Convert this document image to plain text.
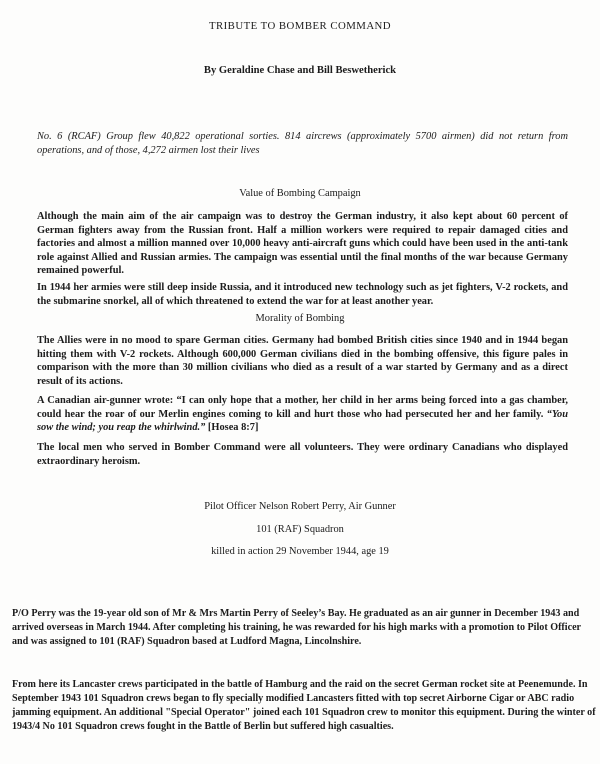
TRIBUTE TO BOMBER COMMAND
By Geraldine Chase and Bill Beswetherick
No. 6 (RCAF) Group flew 40,822 operational sorties. 814 aircrews (approximately 5700 airmen) did not return from operations, and of those, 4,272 airmen lost their lives
Value of Bombing Campaign
Although the main aim of the air campaign was to destroy the German industry, it also kept about 60 percent of German fighters away from the Russian front. Half a million workers were required to repair damaged cities and factories and almost a million manned over 10,000 heavy anti-aircraft guns which could have been used in the anti-tank role against Allied and Russian armies. The campaign was essential until the final months of the war because Germany remained powerful.
In 1944 her armies were still deep inside Russia, and it introduced new technology such as jet fighters, V-2 rockets, and the submarine snorkel, all of which threatened to extend the war for at least another year.
Morality of Bombing
The Allies were in no mood to spare German cities. Germany had bombed British cities since 1940 and in 1944 began hitting them with V-2 rockets. Although 600,000 German civilians died in the bombing offensive, this figure pales in comparison with the more than 30 million civilians who died as a result of a war started by Germany and as a direct result of its actions.
A Canadian air-gunner wrote: “I can only hope that a mother, her child in her arms being forced into a gas chamber, could hear the roar of our Merlin engines coming to kill and hurt those who had persecuted her and her family. “You sow the wind; you reap the whirlwind.” [Hosea 8:7]
The local men who served in Bomber Command were all volunteers. They were ordinary Canadians who displayed extraordinary heroism.
Pilot Officer Nelson Robert Perry, Air Gunner
101 (RAF) Squadron
killed in action 29 November 1944, age 19
P/O Perry was the 19-year old son of Mr & Mrs Martin Perry of Seeley’s Bay. He graduated as an air gunner in December 1943 and arrived overseas in March 1944. After completing his training, he was rewarded for his high marks with a promotion to Pilot Officer and was assigned to 101 (RAF) Squadron based at Ludford Magna, Lincolnshire.
From here its Lancaster crews participated in the battle of Hamburg and the raid on the secret German rocket site at Peenemunde. In September 1943 101 Squadron crews began to fly specially modified Lancasters fitted with top secret Airborne Cigar or ABC radio jamming equipment. An additional "Special Operator" joined each 101 Squadron crew to monitor this equipment. During the winter of 1943/4 No 101 Squadron crews fought in the Battle of Berlin but suffered high casualties.
